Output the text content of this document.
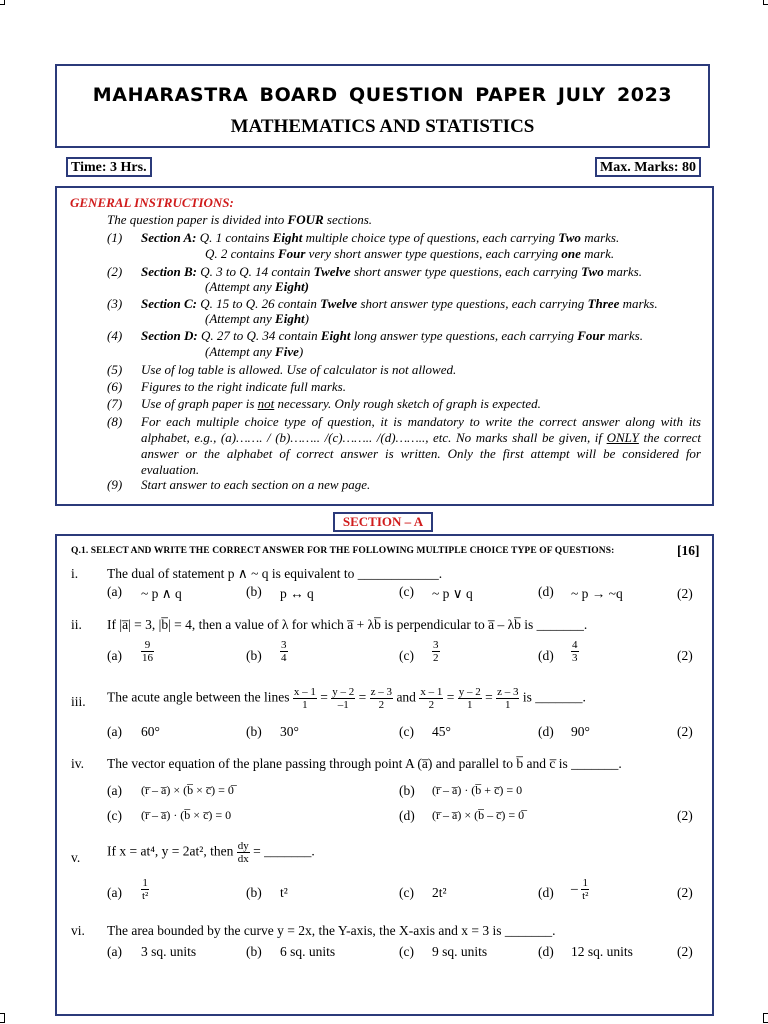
MAHARASTRA BOARD QUESTION PAPER JULY 2023
MATHEMATICS AND STATISTICS
Time: 3 Hrs.	Max. Marks: 80
GENERAL INSTRUCTIONS:
The question paper is divided into FOUR sections.
(1) Section A: Q. 1 contains Eight multiple choice type of questions, each carrying Two marks.
Q. 2 contains Four very short answer type questions, each carrying one mark.
(2) Section B: Q. 3 to Q. 14 contain Twelve short answer type questions, each carrying Two marks.
(Attempt any Eight)
(3) Section C: Q. 15 to Q. 26 contain Twelve short answer type questions, each carrying Three marks.
(Attempt any Eight)
(4) Section D: Q. 27 to Q. 34 contain Eight long answer type questions, each carrying Four marks.
(Attempt any Five)
(5) Use of log table is allowed. Use of calculator is not allowed.
(6) Figures to the right indicate full marks.
(7) Use of graph paper is not necessary. Only rough sketch of graph is expected.
(8) For each multiple choice type of question, it is mandatory to write the correct answer along with its alphabet, e.g., (a)……. / (b)…….. /(c)…….. /(d)…….., etc. No marks shall be given, if ONLY the correct answer or the alphabet of correct answer is written. Only the first attempt will be considered for evaluation.
(9) Start answer to each section on a new page.
SECTION – A
Q.1. SELECT AND WRITE THE CORRECT ANSWER FOR THE FOLLOWING MULTIPLE CHOICE TYPE OF QUESTIONS:	[16]
i. The dual of statement p ∧ ~ q is equivalent to ____________.
(a) ~ p ∧ q	(b) p ↔ q	(c) ~ p ∨ q	(d) ~ p → ~q	(2)
ii. If |a̅| = 3, |b̅| = 4, then a value of λ for which a̅ + λb̅ is perpendicular to a̅ – λb̅ is _______.
$(a) \frac{9}{16}$	$(b) \frac{3}{4}$	$(c) \frac{3}{2}$	$(d) \frac{4}{3}$	(2)
iii. The acute angle between the lines $\frac{x - 1}{1} = \frac{y - 2}{-1} = \frac{z - 3}{2}$ and $\frac{x - 1}{2} = \frac{y - 2}{1} = \frac{z - 3}{1}$ is _______.
(a) 60°	(b) 30°	(c) 45°	(d) 90°	(2)
iv. The vector equation of the plane passing through point A (a̅) and parallel to b̅ and c̅ is _______.
(a) (r̅ – a̅) × (b̅ × c̅) = 0̅	(b) (r̅ – a̅) · (b̅ + c̅) = 0
(c) (r̅ – a̅) · (b̅ × c̅) = 0	(d) (r̅ – a̅) × (b̅ – c̅) = 0̅	(2)
v. If x = at⁴, y = 2at², then $\frac{dy}{dx}$ = _______.
$(a) \frac{1}{\text{t²}}$	(b) t²	(c) 2t²	$(d) - \frac{1}{\text{t²}}$	(2)
vi. The area bounded by the curve y = 2x, the Y-axis, the X-axis and x = 3 is _______.
(a) 3 sq. units	(b) 6 sq. units	(c) 9 sq. units	(d) 12 sq. units	(2)
